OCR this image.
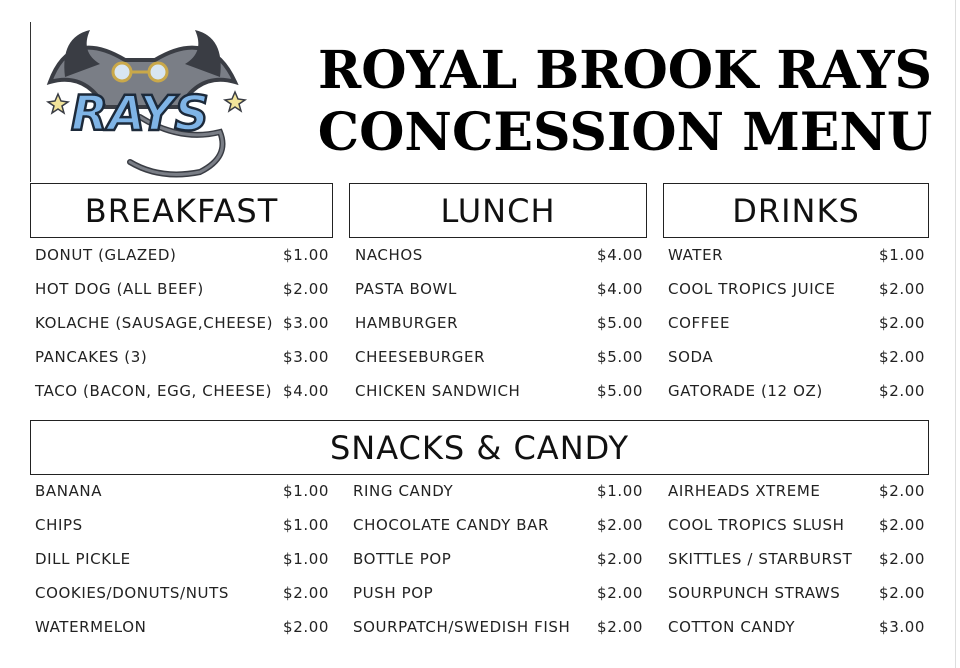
RAYS
ROYAL BROOK RAYS
CONCESSION MENU
BREAKFAST	LUNCH	DRINKS
SNACKS & CANDY
DONUT (GLAZED)	$1.00
HOT DOG (ALL BEEF)	$2.00
KOLACHE (SAUSAGE,CHEESE) $3.00
PANCAKES (3)	$3.00
TACO (BACON, EGG, CHEESE) $4.00
NACHOS	$4.00
PASTA BOWL	$4.00
HAMBURGER	$5.00
CHEESEBURGER	$5.00
CHICKEN SANDWICH	$5.00
WATER	$1.00
COOL TROPICS JUICE	$2.00
COFFEE	$2.00
SODA	$2.00
GATORADE (12 OZ)	$2.00
BANANA	$1.00
CHIPS	$1.00
DILL PICKLE	$1.00
COOKIES/DONUTS/NUTS	$2.00
WATERMELON	$2.00
RING CANDY	$1.00
CHOCOLATE CANDY BAR	$2.00
BOTTLE POP	$2.00
PUSH POP	$2.00
SOURPATCH/SWEDISH FISH $2.00
AIRHEADS XTREME	$2.00
COOL TROPICS SLUSH $2.00
SKITTLES / STARBURST $2.00
SOURPUNCH STRAWS	$2.00
COTTON CANDY	$3.00
